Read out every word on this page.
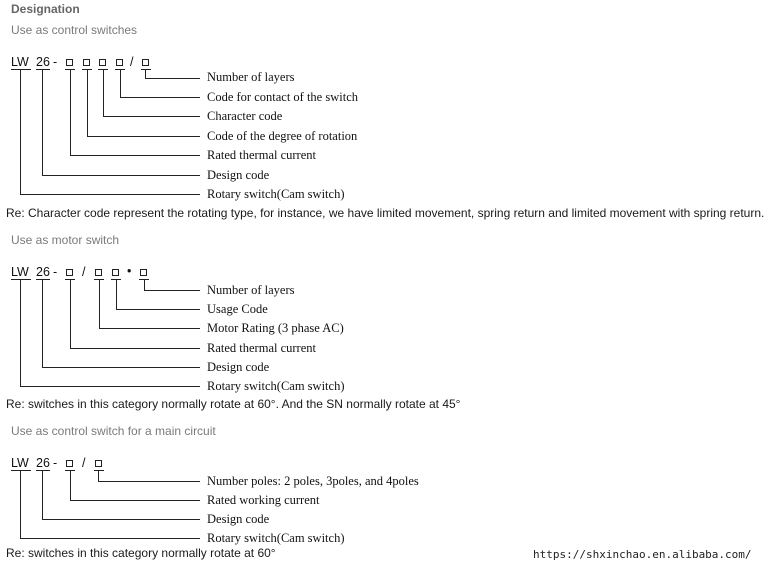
Designation
Use as control switches
LW 26 -	/
Number of layers
Code for contact of the switch
Character code
Code of the degree of rotation
Rated thermal current
Design code
Rotary switch(Cam switch)
Re: Character code represent the rotating type, for instance, we have limited movement, spring return and limited movement with spring return.
Use as motor switch
LW 26 - /	•
Number of layers
Usage Code
Motor Rating (3 phase AC)
Rated thermal current
Design code
Rotary switch(Cam switch)
Re: switches in this category normally rotate at 60°. And the SN normally rotate at 45°
Use as control switch for a main circuit
LW 26 - /
Number poles: 2 poles, 3poles, and 4poles
Rated working current
Design code
Rotary switch(Cam switch)
Re: switches in this category normally rotate at 60°	https://shxinchao.en.alibaba.com/
